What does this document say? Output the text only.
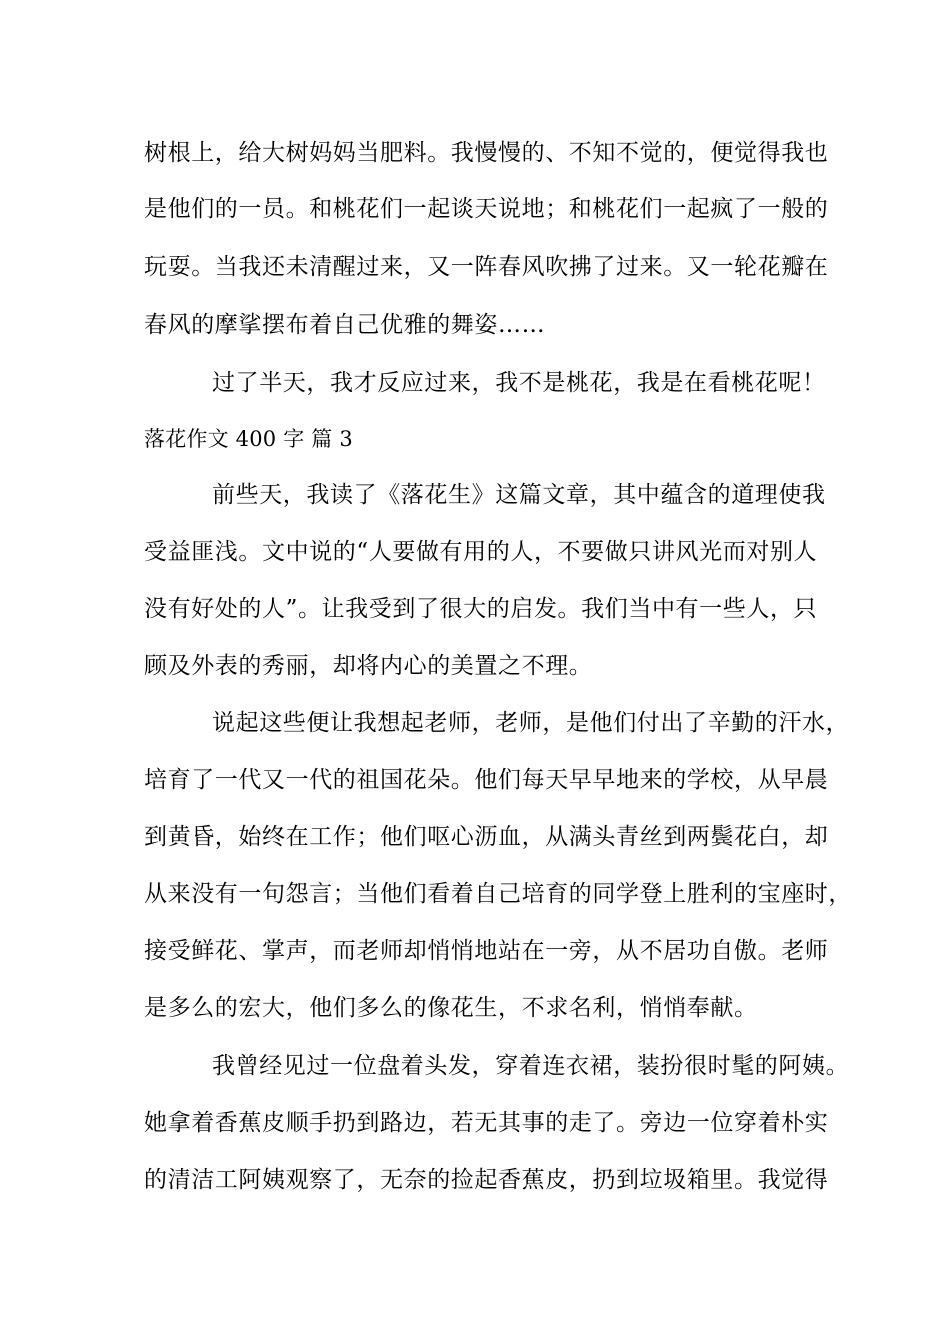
树根上，给大树妈妈当肥料。我慢慢的、不知不觉的，便觉得我也
是他们的一员。和桃花们一起谈天说地；和桃花们一起疯了一般的
玩耍。当我还未清醒过来，又一阵春风吹拂了过来。又一轮花瓣在
春风的摩挲摆布着自己优雅的舞姿……
过了半天，我才反应过来，我不是桃花，我是在看桃花呢！
落花作文 400 字 篇 3
前些天，我读了《落花生》这篇文章，其中蕴含的道理使我
受益匪浅。文中说的“人要做有用的人，不要做只讲风光而对别人
没有好处的人”。让我受到了很大的启发。我们当中有一些人，只
顾及外表的秀丽，却将内心的美置之不理。
说起这些便让我想起老师，老师，是他们付出了辛勤的汗水，
培育了一代又一代的祖国花朵。他们每天早早地来的学校，从早晨
到黄昏，始终在工作；他们呕心沥血，从满头青丝到两鬓花白，却
从来没有一句怨言；当他们看着自己培育的同学登上胜利的宝座时，
接受鲜花、掌声，而老师却悄悄地站在一旁，从不居功自傲。老师
是多么的宏大，他们多么的像花生，不求名利，悄悄奉献。
我曾经见过一位盘着头发，穿着连衣裙，装扮很时髦的阿姨。
她拿着香蕉皮顺手扔到路边，若无其事的走了。旁边一位穿着朴实
的清洁工阿姨观察了，无奈的捡起香蕉皮，扔到垃圾箱里。我觉得
